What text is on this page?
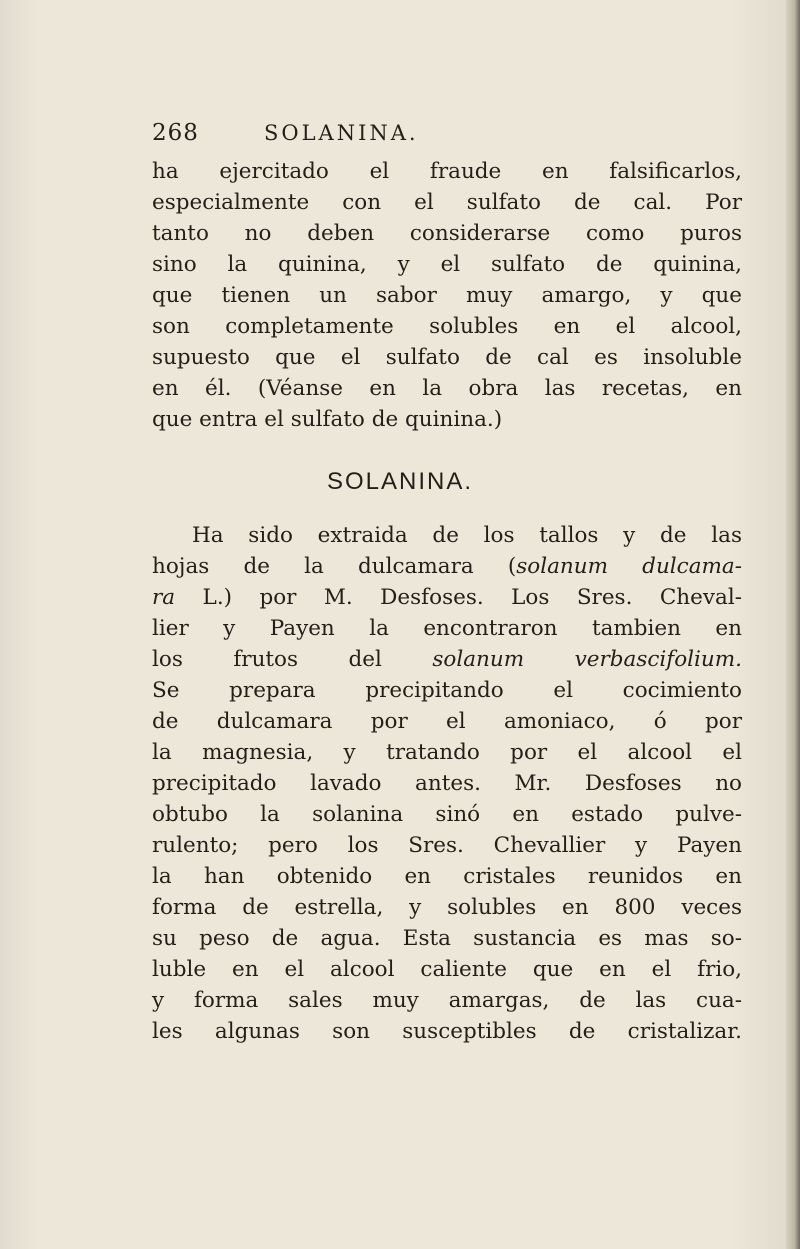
268	SOLANINA.
ha ejercitado el fraude en falsificarlos,
especialmente con el sulfato de cal. Por
tanto no deben considerarse como puros
sino la quinina, y el sulfato de quinina,
que tienen un sabor muy amargo, y que
son completamente solubles en el alcool,
supuesto que el sulfato de cal es insoluble
en él. (Véanse en la obra las recetas, en
que entra el sulfato de quinina.)
SOLANINA.
Ha sido extraida de los tallos y de las
hojas de la dulcamara (solanum dulcama-
ra L.) por M. Desfoses. Los Sres. Cheval-
lier y Payen la encontraron tambien en
los frutos del solanum verbascifolium.
Se prepara precipitando el cocimiento
de dulcamara por el amoniaco, ó por
la magnesia, y tratando por el alcool el
precipitado lavado antes. Mr. Desfoses no
obtubo la solanina sinó en estado pulve-
rulento; pero los Sres. Chevallier y Payen
la han obtenido en cristales reunidos en
forma de estrella, y solubles en 800 veces
su peso de agua. Esta sustancia es mas so-
luble en el alcool caliente que en el frio,
y forma sales muy amargas, de las cua-
les algunas son susceptibles de cristalizar.
